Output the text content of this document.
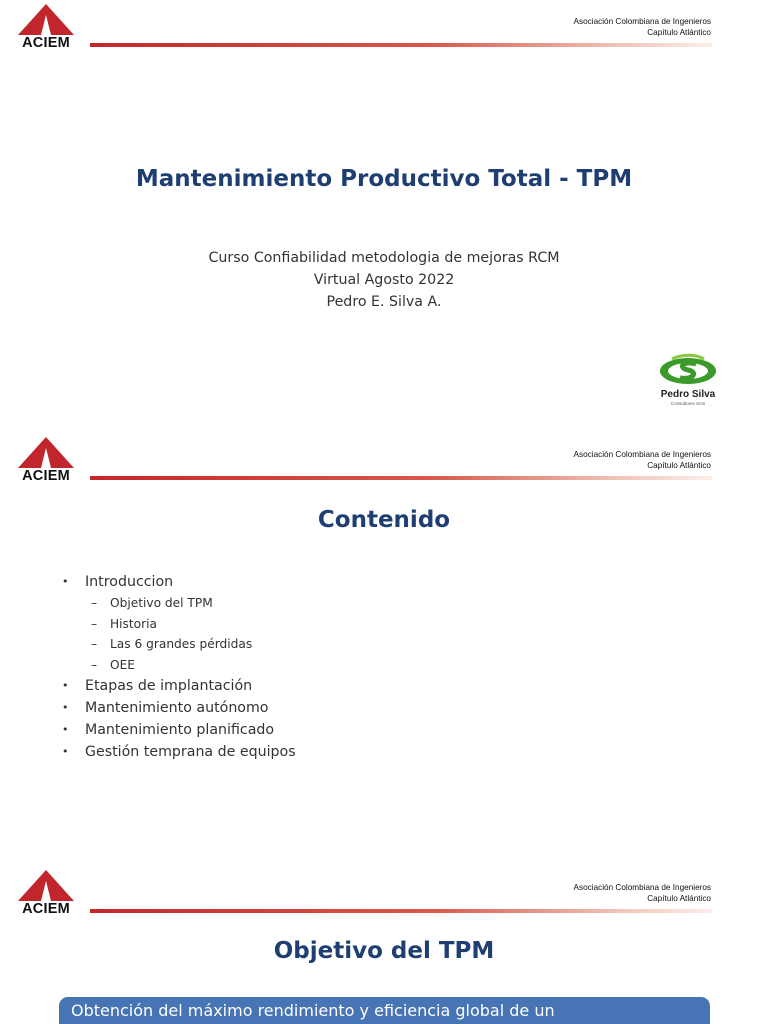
ACIEM
Asociación Colombiana de Ingenieros
Capítulo Atlántico
Mantenimiento Productivo Total - TPM
Curso Confiabilidad metodologia de mejoras RCM
Virtual Agosto 2022
Pedro E. Silva A.
Pedro Silva
Consultores SAS
ACIEM
Asociación Colombiana de Ingenieros
Capítulo Atlántico
Contenido
• Introduccion
– Objetivo del TPM
– Historia
– Las 6 grandes pérdidas
– OEE
• Etapas de implantación
• Mantenimiento autónomo
• Mantenimiento planificado
• Gestión temprana de equipos
ACIEM
Asociación Colombiana de Ingenieros
Capítulo Atlántico
Objetivo del TPM
Obtención del máximo rendimiento y eficiencia global de un
